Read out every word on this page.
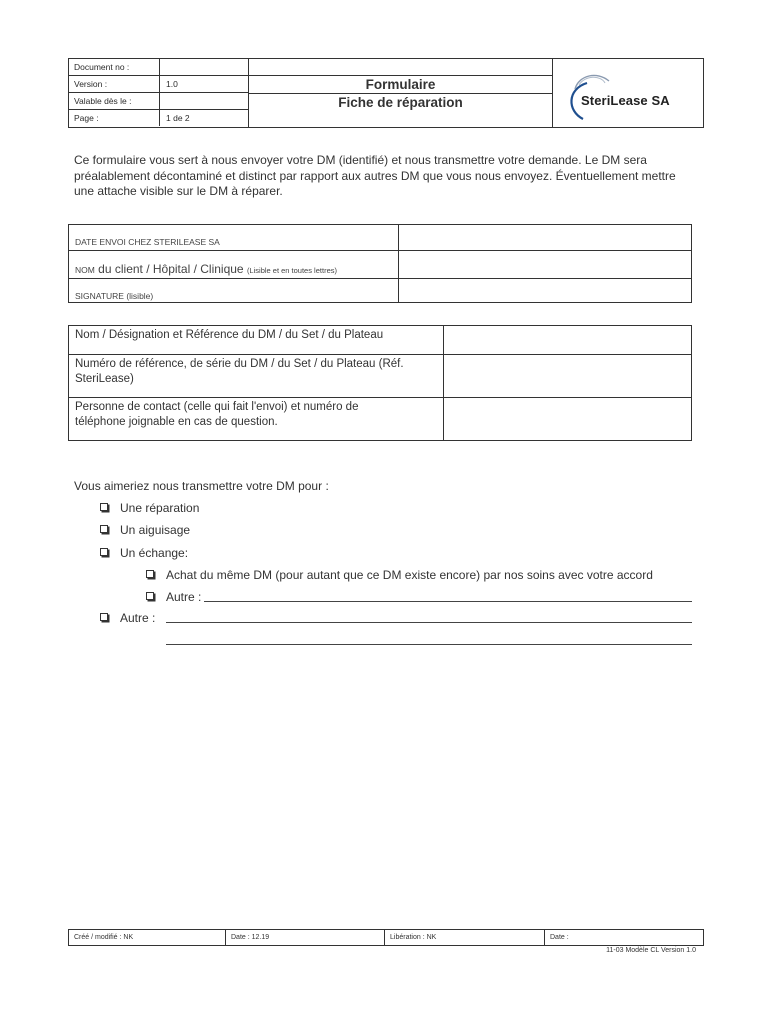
Document no :
Version :	1.0
Valable dès le :
Page :	1 de 2
Formulaire
Fiche de réparation	SteriLease SA
Ce formulaire vous sert à nous envoyer votre DM (identifié) et nous transmettre votre demande. Le DM sera préalablement décontaminé et distinct par rapport aux autres DM que vous nous envoyez. Éventuellement mettre une attache visible sur le DM à réparer.
DATE ENVOI CHEZ STERILEASE SA
NOM du client / Hôpital / Clinique (Lisible et en toutes lettres)
SIGNATURE (lisible)
Nom / Désignation et Référence du DM / du Set / du Plateau
Numéro de référence, de série du DM / du Set / du Plateau (Réf. SteriLease)
Personne de contact (celle qui fait l'envoi) et numéro de téléphone joignable en cas de question.
Vous aimeriez nous transmettre votre DM pour :
Une réparation
Un aiguisage
Un échange:
Achat du même DM (pour autant que ce DM existe encore) par nos soins avec votre accord
Autre :
Autre :
Créé / modifié : NK	Date : 12.19	Libération : NK	Date :
11-03 Modèle CL Version 1.0
